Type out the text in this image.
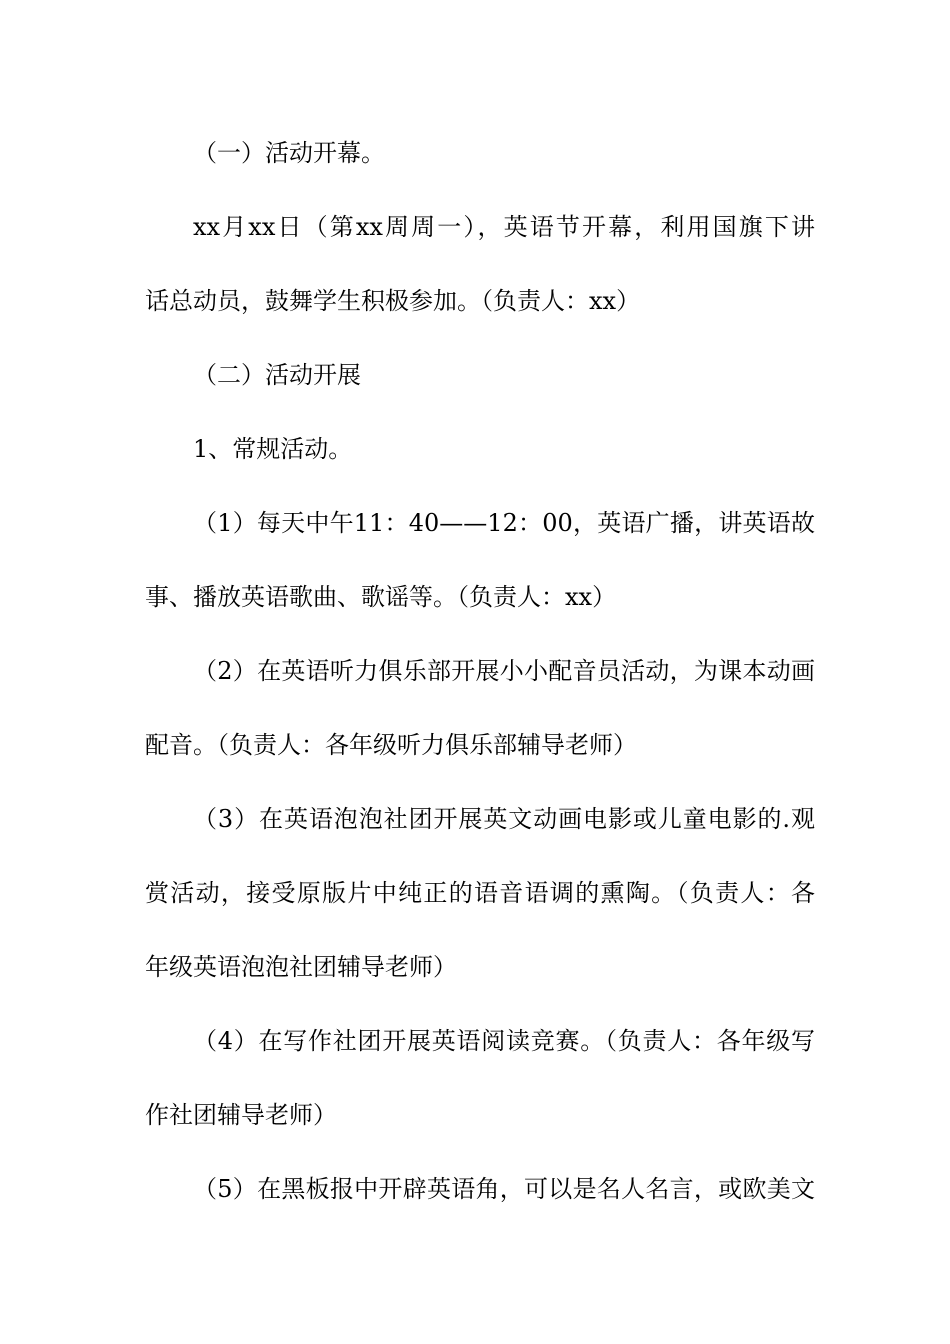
（一）活动开幕。
xx月xx日（第xx周周一），英语节开幕，利用国旗下讲
话总动员，鼓舞学生积极参加。（负责人：xx）
（二）活动开展
1、常规活动。
（1）每天中午11：40——12：00，英语广播，讲英语故
事、播放英语歌曲、歌谣等。（负责人：xx）
（2）在英语听力俱乐部开展小小配音员活动，为课本动画
配音。（负责人：各年级听力俱乐部辅导老师）
（3）在英语泡泡社团开展英文动画电影或儿童电影的.观
赏活动，接受原版片中纯正的语音语调的熏陶。（负责人：各
年级英语泡泡社团辅导老师）
（4）在写作社团开展英语阅读竞赛。（负责人：各年级写
作社团辅导老师）
（5）在黑板报中开辟英语角，可以是名人名言，或欧美文
